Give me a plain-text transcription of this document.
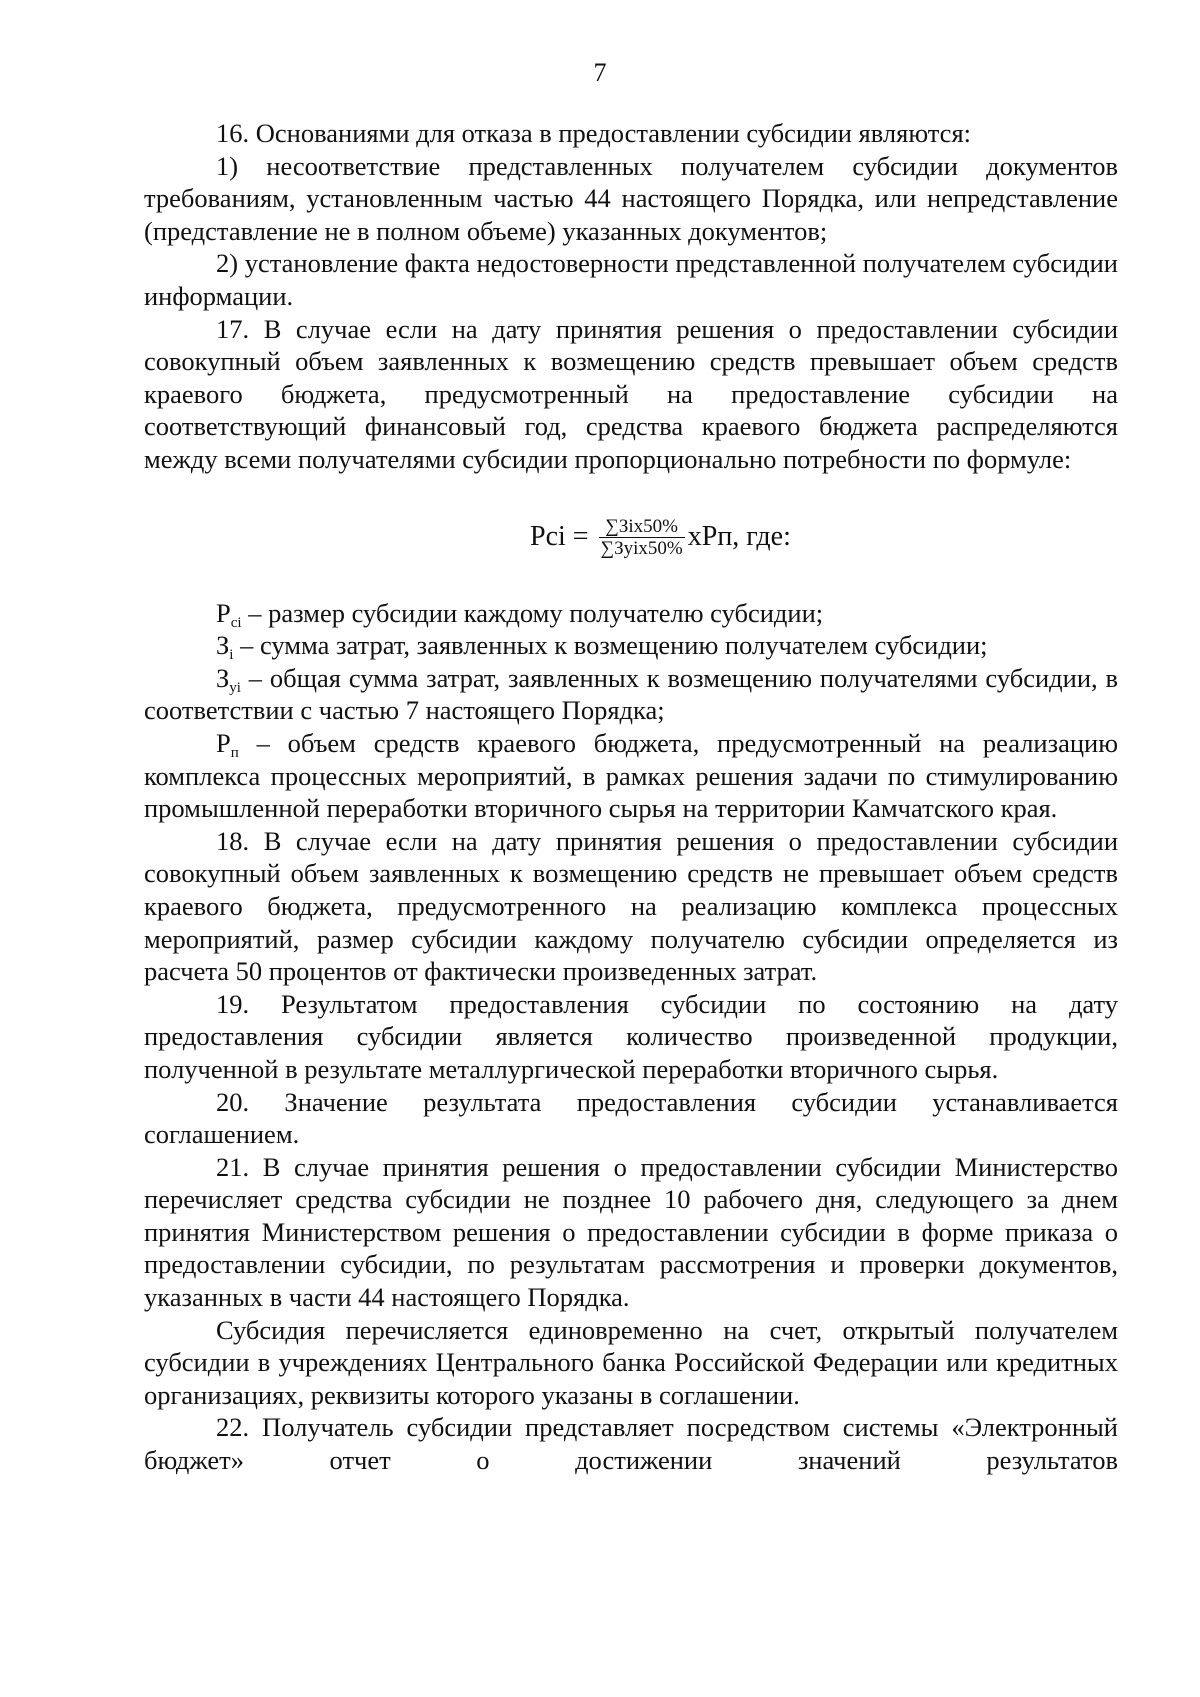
7

16. Основаниями для отказа в предоставлении субсидии являются:

1) несоответствие представленных получателем субсидии документов требованиям, установленным частью 44 настоящего Порядка, или непредставление (представление не в полном объеме) указанных документов;

2) установление факта недостоверности представленной получателем субсидии информации.

17. В случае если на дату принятия решения о предоставлении субсидии совокупный объем заявленных к возмещению средств превышает объем средств краевого бюджета, предусмотренный на предоставление субсидии на соответствующий финансовый год, средства краевого бюджета распределяются между всеми получателями субсидии пропорционально потребности по формуле:

Pci = $\frac{\text{∑Зix50\%}}{\text{∑Зуix50\%}}$ xPп, где:

$P_{ci}$ – размер субсидии каждому получателю субсидии;

$З_i$ – сумма затрат, заявленных к возмещению получателем субсидии;

$З_{yi}$ – общая сумма затрат, заявленных к возмещению получателями субсидии, в соответствии с частью 7 настоящего Порядка;

$P_п$ – объем средств краевого бюджета, предусмотренный на реализацию комплекса процессных мероприятий, в рамках решения задачи по стимулированию промышленной переработки вторичного сырья на территории Камчатского края.

18. В случае если на дату принятия решения о предоставлении субсидии совокупный объем заявленных к возмещению средств не превышает объем средств краевого бюджета, предусмотренного на реализацию комплекса процессных мероприятий, размер субсидии каждому получателю субсидии определяется из расчета 50 процентов от фактически произведенных затрат.

19. Результатом предоставления субсидии по состоянию на дату предоставления субсидии является количество произведенной продукции, полученной в результате металлургической переработки вторичного сырья.

20. Значение результата предоставления субсидии устанавливается соглашением.

21. В случае принятия решения о предоставлении субсидии Министерство перечисляет средства субсидии не позднее 10 рабочего дня, следующего за днем принятия Министерством решения о предоставлении субсидии в форме приказа о предоставлении субсидии, по результатам рассмотрения и проверки документов, указанных в части 44 настоящего Порядка.

Субсидия перечисляется единовременно на счет, открытый получателем субсидии в учреждениях Центрального банка Российской Федерации или кредитных организациях, реквизиты которого указаны в соглашении.

22. Получатель субсидии представляет посредством системы «Электронный бюджет» отчет о достижении значений результатов
